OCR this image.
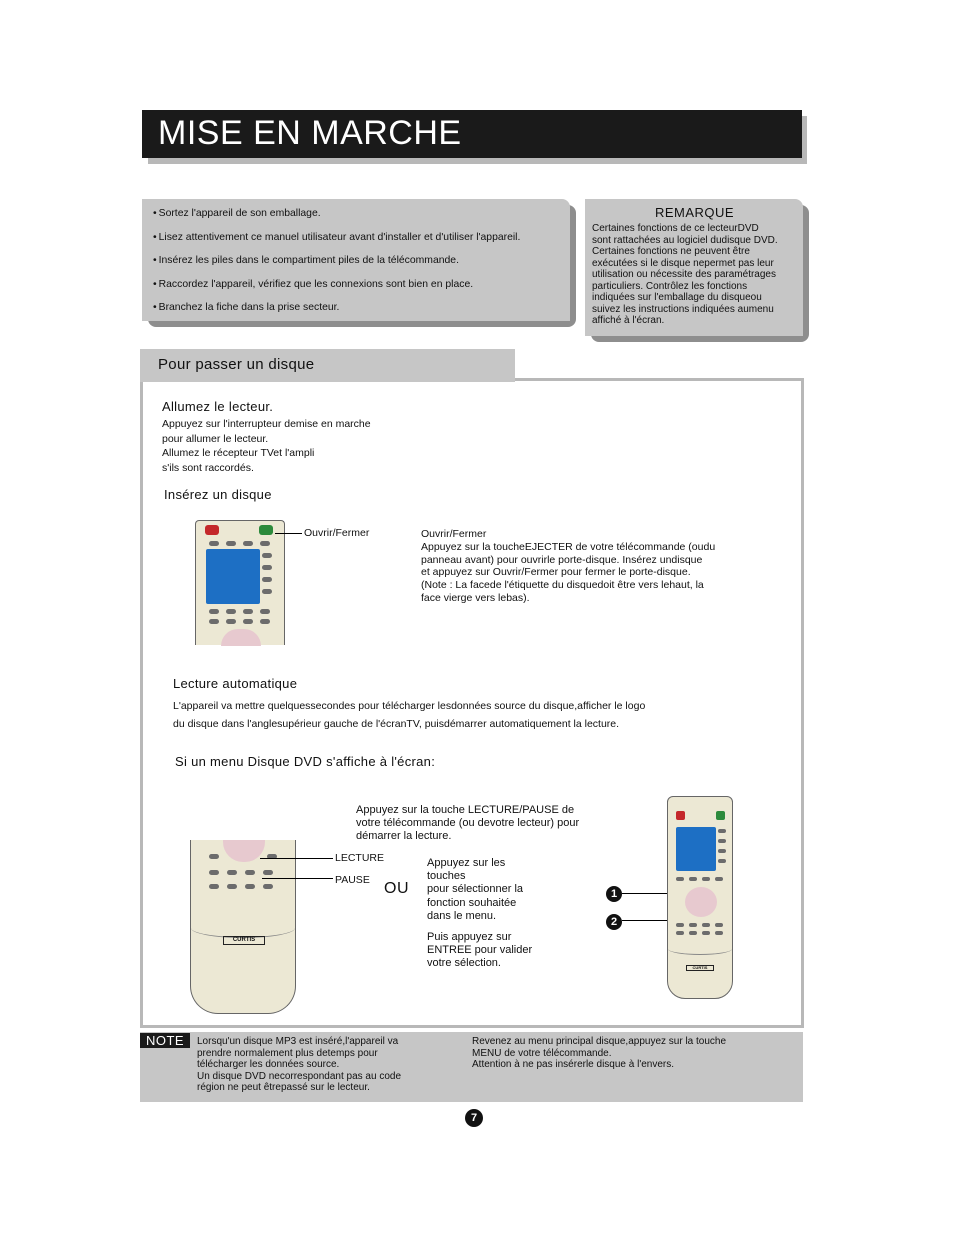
MISE EN MARCHE
• Sortez l'appareil de son emballage.
• Lisez attentivement ce manuel utilisateur avant d'installer et d'utiliser l'appareil.
• Insérez les piles dans le compartiment piles de la télécommande.
• Raccordez l'appareil, vérifiez que les connexions sont bien en place.
• Branchez la fiche dans la prise secteur.
REMARQUE
Certaines fonctions de ce lecteurDVD
sont rattachées au logiciel dudisque DVD.
Certaines fonctions ne peuvent être
exécutées si le disque nepermet pas leur
utilisation ou nécessite des paramétrages
particuliers. Contrôlez les fonctions
indiquées sur l'emballage du disqueou
suivez les instructions indiquées aumenu
affiché à l'écran.
Pour passer un disque
Allumez le lecteur.
Appuyez sur l'interrupteur demise en marche
pour allumer le lecteur.
Allumez le récepteur TVet l'ampli
s'ils sont raccordés.
Insérez un disque
Ouvrir/Fermer	Ouvrir/Fermer
Appuyez sur la toucheEJECTER de votre télécommande (oudu
panneau avant) pour ouvrirle porte-disque. Insérez undisque
et appuyez sur Ouvrir/Fermer pour fermer le porte-disque.
(Note : La facede l'étiquette du disquedoit être vers lehaut, la
face vierge vers lebas).
Lecture automatique
L'appareil va mettre quelquessecondes pour télécharger lesdonnées source du disque,afficher le logo
du disque dans l'anglesupérieur gauche de l'écranTV, puisdémarrer automatiquement la lecture.
Si un menu Disque DVD s'affiche à l'écran:
Appuyez sur la touche LECTURE/PAUSE de
votre télécommande (ou devotre lecteur) pour
démarrer la lecture.
CURTIS
LECTURE
PAUSE OU
Appuyez sur les
touches
pour sélectionner la
fonction souhaitée
dans le menu.
Puis appuyez sur
ENTREE pour valider
votre sélection.
1
2
CURTIS
NOTE	Lorsqu'un disque MP3 est inséré,l'appareil va
prendre normalement plus detemps pour
télécharger les données source.
Un disque DVD necorrespondant pas au code
région ne peut êtrepassé sur le lecteur.
Revenez au menu principal disque,appuyez sur la touche
MENU de votre télécommande.
Attention à ne pas insérerle disque à l'envers.
7
